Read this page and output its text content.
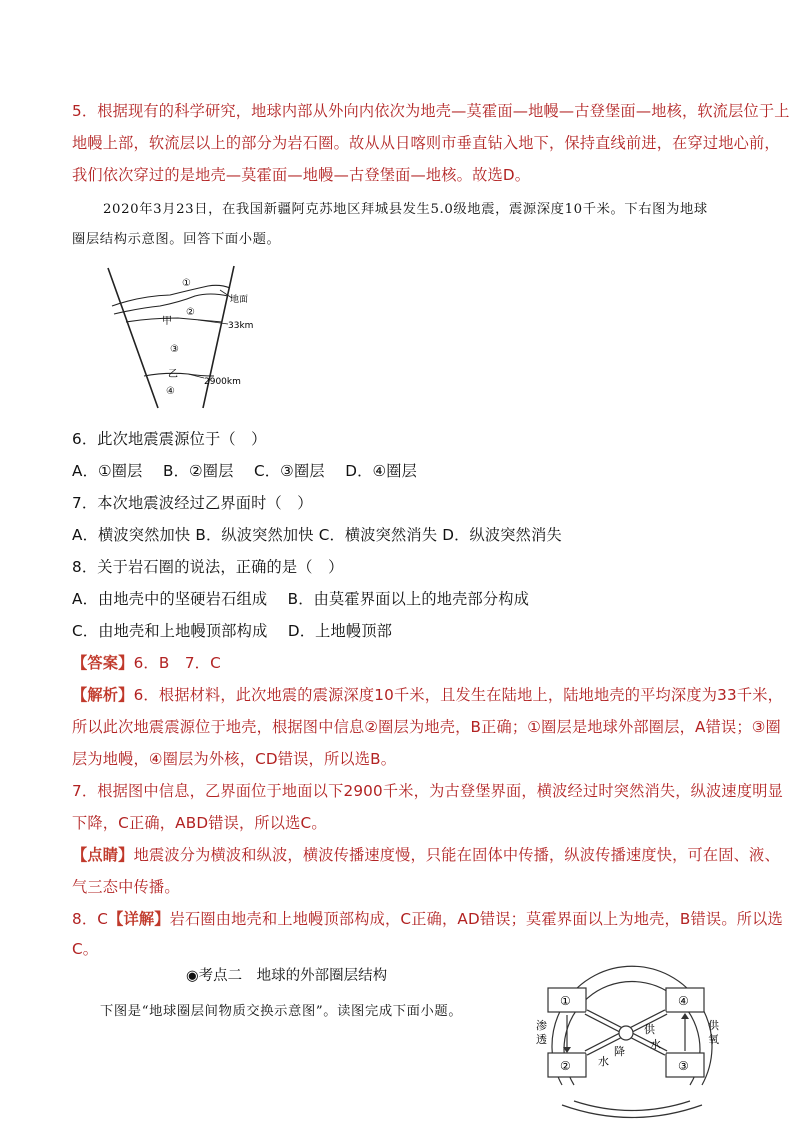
5．根据现有的科学研究，地球内部从外向内依次为地壳—莫霍面—地幔—古登堡面—地核，软流层位于上
地幔上部，软流层以上的部分为岩石圈。故从从日喀则市垂直钻入地下，保持直线前进，在穿过地心前，
我们依次穿过的是地壳—莫霍面—地幔—古登堡面—地核。故选D。
2020年3月23日，在我国新疆阿克苏地区拜城县发生5.0级地震，震源深度10千米。下右图为地球
圈层结构示意图。回答下面小题。
①
②
③
④
甲
乙
地面
33km
2900km
6．此次地震震源位于（　）
A．①圈层　 B．②圈层　 C．③圈层　 D．④圈层
7．本次地震波经过乙界面时（　）
A．横波突然加快 B．纵波突然加快 C．横波突然消失 D．纵波突然消失
8．关于岩石圈的说法，正确的是（　）
A．由地壳中的坚硬岩石组成　 B．由莫霍界面以上的地壳部分构成
C．由地壳和上地幔顶部构成　 D．上地幔顶部
【答案】6．B　7．C
【解析】6．根据材料，此次地震的震源深度10千米，且发生在陆地上，陆地地壳的平均深度为33千米，
所以此次地震震源位于地壳，根据图中信息②圈层为地壳，B正确；①圈层是地球外部圈层，A错误；③圈
层为地幔，④圈层为外核，CD错误，所以选B。
7．根据图中信息，乙界面位于地面以下2900千米，为古登堡界面，横波经过时突然消失，纵波速度明显
下降，C正确，ABD错误，所以选C。
【点睛】地震波分为横波和纵波，横波传播速度慢，只能在固体中传播，纵波传播速度快，可在固、液、
气三态中传播。
8．C【详解】岩石圈由地壳和上地幔顶部构成，C正确，AD错误；莫霍界面以上为地壳，B错误。所以选
C。
◉考点二　地球的外部圈层结构
下图是“地球圈层间物质交换示意图”。读图完成下面小题。
①	④
②	③
渗
透
供
氧
供
水
降
水
